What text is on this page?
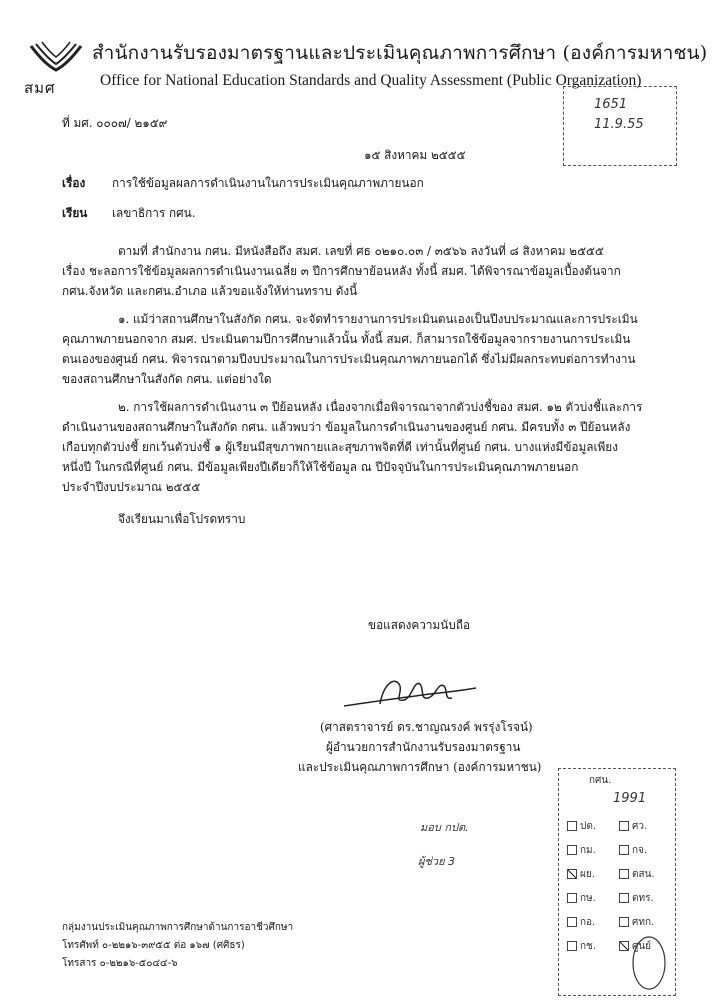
สมศ
สำนักงานรับรองมาตรฐานและประเมินคุณภาพการศึกษา (องค์การมหาชน)
Office for National Education Standards and Quality Assessment (Public Organization)
1651
11.9.55
ที่ มศ. ๐๐๐๗/ ๒๑๕๙
๑๕ สิงหาคม ๒๕๕๕
เรื่อง การใช้ข้อมูลผลการดำเนินงานในการประเมินคุณภาพภายนอก
เรียน เลขาธิการ กศน.
ตามที่ สำนักงาน กศน. มีหนังสือถึง สมศ. เลขที่ ศธ ๐๒๑๐.๐๓ / ๓๕๖๖ ลงวันที่ ๘ สิงหาคม ๒๕๕๕
เรื่อง ชะลอการใช้ข้อมูลผลการดำเนินงานเฉลี่ย ๓ ปีการศึกษาย้อนหลัง ทั้งนี้ สมศ. ได้พิจารณาข้อมูลเบื้องต้นจาก
กศน.จังหวัด และกศน.อำเภอ แล้วขอแจ้งให้ท่านทราบ ดังนี้
๑. แม้ว่าสถานศึกษาในสังกัด กศน. จะจัดทำรายงานการประเมินตนเองเป็นปีงบประมาณและการประเมิน
คุณภาพภายนอกจาก สมศ. ประเมินตามปีการศึกษาแล้วนั้น ทั้งนี้ สมศ. ก็สามารถใช้ข้อมูลจากรายงานการประเมิน
ตนเองของศูนย์ กศน. พิจารณาตามปีงบประมาณในการประเมินคุณภาพภายนอกได้ ซึ่งไม่มีผลกระทบต่อการทำงาน
ของสถานศึกษาในสังกัด กศน. แต่อย่างใด
๒. การใช้ผลการดำเนินงาน ๓ ปีย้อนหลัง เนื่องจากเมื่อพิจารณาจากตัวบ่งชี้ของ สมศ. ๑๒ ตัวบ่งชี้และการ
ดำเนินงานของสถานศึกษาในสังกัด กศน. แล้วพบว่า ข้อมูลในการดำเนินงานของศูนย์ กศน. มีครบทั้ง ๓ ปีย้อนหลัง
เกือบทุกตัวบ่งชี้ ยกเว้นตัวบ่งชี้ ๑ ผู้เรียนมีสุขภาพกายและสุขภาพจิตที่ดี เท่านั้นที่ศูนย์ กศน. บางแห่งมีข้อมูลเพียง
หนึ่งปี ในกรณีที่ศูนย์ กศน. มีข้อมูลเพียงปีเดียวก็ให้ใช้ข้อมูล ณ ปีปัจจุบันในการประเมินคุณภาพภายนอก
ประจำปีงบประมาณ ๒๕๕๕
จึงเรียนมาเพื่อโปรดทราบ
ขอแสดงความนับถือ
(ศาสตราจารย์ ดร.ชาญณรงค์ พรรุ่งโรจน์)
ผู้อำนวยการสำนักงานรับรองมาตรฐาน
และประเมินคุณภาพการศึกษา (องค์การมหาชน)
มอบ กปต.
ผู้ช่วย 3
กศน.
1991
ปต.	ศว.
กม.	กจ.
ผย.	ตสน.
กษ.	ตทร.
กอ.	ศทก.
กช.	ศูนย์
กลุ่มงานประเมินคุณภาพการศึกษาด้านการอาชีวศึกษา
โทรศัพท์ ๐-๒๒๑๖-๓๙๕๕ ต่อ ๑๖๗ (ศศิธร)
โทรสาร ๐-๒๒๑๖-๕๐๔๔-๖
